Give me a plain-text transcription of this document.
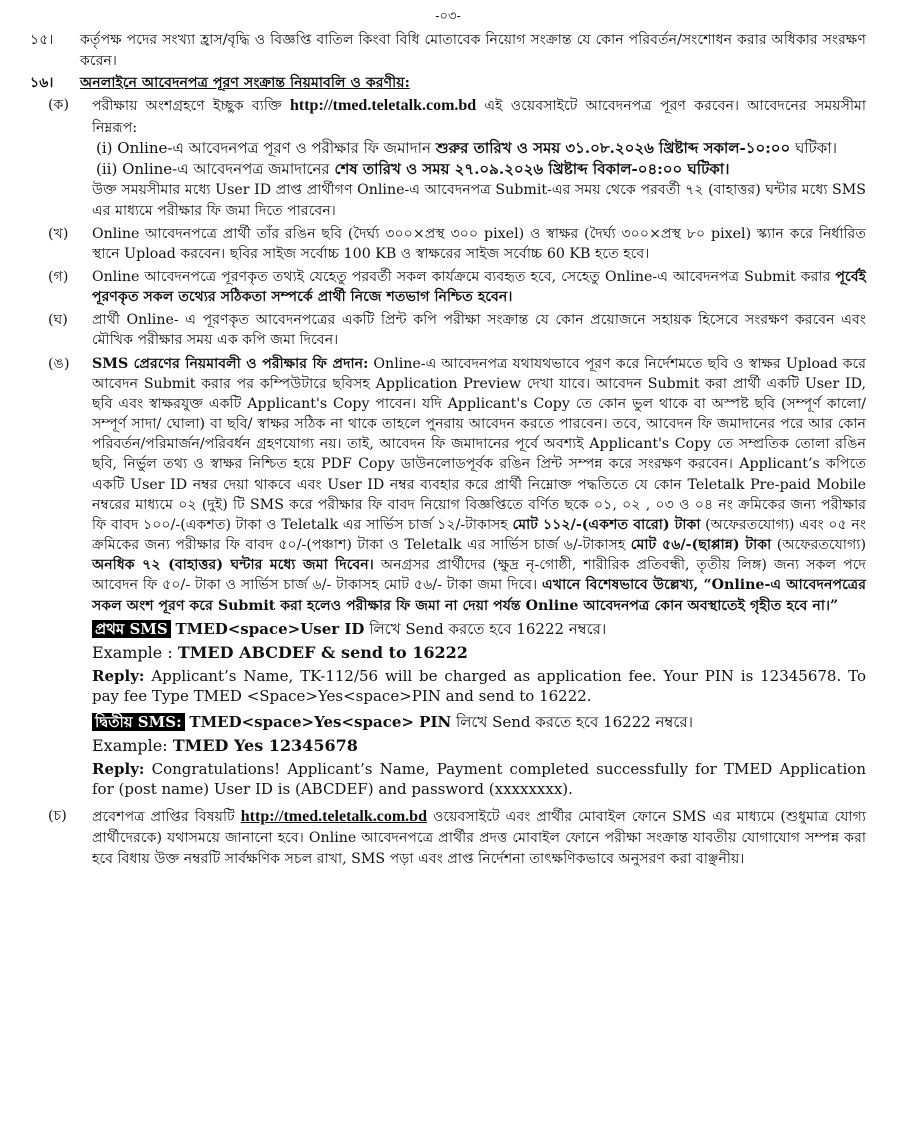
-০৩-
১৫।	কর্তৃপক্ষ পদের সংখ্যা হ্রাস/বৃদ্ধি ও বিজ্ঞপ্তি বাতিল কিংবা বিধি মোতাবেক নিয়োগ সংক্রান্ত যে কোন পরিবর্তন/সংশোধন করার অধিকার সংরক্ষণ করেন।
১৬।	অনলাইনে আবেদনপত্র পূরণ সংক্রান্ত নিয়মাবলি ও করণীয়:
(ক)	পরীক্ষায় অংশগ্রহণে ইচ্ছুক ব্যক্তি http://tmed.teletalk.com.bd এই ওয়েবসাইটে আবেদনপত্র পূরণ করবেন। আবেদনের সময়সীমা নিম্নরূপ:
(i) Online-এ আবেদনপত্র পূরণ ও পরীক্ষার ফি জমাদান শুরুর তারিখ ও সময় ৩১.০৮.২০২৬ খ্রিষ্টাব্দ সকাল-১০:০০ ঘটিকা।
(ii) Online-এ আবেদনপত্র জমাদানের শেষ তারিখ ও সময় ২৭.০৯.২০২৬ খ্রিষ্টাব্দ বিকাল-০৪:০০ ঘটিকা।
উক্ত সময়সীমার মধ্যে User ID প্রাপ্ত প্রার্থীগণ Online-এ আবেদনপত্র Submit-এর সময় থেকে পরবর্তী ৭২ (বাহাত্তর) ঘন্টার মধ্যে SMS এর মাধ্যমে পরীক্ষার ফি জমা দিতে পারবেন।
(খ)	Online আবেদনপত্রে প্রার্থী তাঁর রঙিন ছবি (দৈর্ঘ্য ৩০০×প্রস্থ ৩০০ pixel) ও স্বাক্ষর (দৈর্ঘ্য ৩০০×প্রস্থ ৮০ pixel) স্ক্যান করে নির্ধারিত স্থানে Upload করবেন। ছবির সাইজ সর্বোচ্চ 100 KB ও স্বাক্ষরের সাইজ সর্বোচ্চ 60 KB হতে হবে।
(গ)	Online আবেদনপত্রে পূরণকৃত তথ্যই যেহেতু পরবর্তী সকল কার্যক্রমে ব্যবহৃত হবে, সেহেতু Online-এ আবেদনপত্র Submit করার পূর্বেই পূরণকৃত সকল তথ্যের সঠিকতা সম্পর্কে প্রার্থী নিজে শতভাগ নিশ্চিত হবেন।
(ঘ)	প্রার্থী Online- এ পূরণকৃত আবেদনপত্রের একটি প্রিন্ট কপি পরীক্ষা সংক্রান্ত যে কোন প্রয়োজনে সহায়ক হিসেবে সংরক্ষণ করবেন এবং মৌখিক পরীক্ষার সময় এক কপি জমা দিবেন।
(ঙ)	SMS প্রেরণের নিয়মাবলী ও পরীক্ষার ফি প্রদান: Online-এ আবেদনপত্র যথাযথভাবে পূরণ করে নির্দেশমতে ছবি ও স্বাক্ষর Upload করে আবেদন Submit করার পর কম্পিউটারে ছবিসহ Application Preview দেখা যাবে। আবেদন Submit করা প্রার্থী একটি User ID, ছবি এবং স্বাক্ষরযুক্ত একটি Applicant's Copy পাবেন। যদি Applicant's Copy তে কোন ভুল থাকে বা অস্পষ্ট ছবি (সম্পূর্ণ কালো/ সম্পূর্ণ সাদা/ ঘোলা) বা ছবি/ স্বাক্ষর সঠিক না থাকে তাহলে পুনরায় আবেদন করতে পারবেন। তবে, আবেদন ফি জমাদানের পরে আর কোন পরিবর্তন/পরিমার্জন/পরিবর্ধন গ্রহণযোগ্য নয়। তাই, আবেদন ফি জমাদানের পূর্বে অবশ্যই Applicant's Copy তে সম্প্রতিক তোলা রঙিন ছবি, নির্ভুল তথ্য ও স্বাক্ষর নিশ্চিত হয়ে PDF Copy ডাউনলোডপূর্বক রঙিন প্রিন্ট সম্পন্ন করে সংরক্ষণ করবেন। Applicant’s কপিতে একটি User ID নম্বর দেয়া থাকবে এবং User ID নম্বর ব্যবহার করে প্রার্থী নিম্নোক্ত পদ্ধতিতে যে কোন Teletalk Pre-paid Mobile নম্বরের মাধ্যমে ০২ (দুই) টি SMS করে পরীক্ষার ফি বাবদ নিয়োগ বিজ্ঞপ্তিতে বর্ণিত ছকে ০১, ০২ , ০৩ ও ০৪ নং ক্রমিকের জন্য পরীক্ষার ফি বাবদ ১০০/-(একশত) টাকা ও Teletalk এর সার্ভিস চার্জ ১২/-টাকাসহ মোট ১১২/-(একশত বারো) টাকা (অফেরতযোগ্য) এবং ০৫ নং ক্রমিকের জন্য পরীক্ষার ফি বাবদ ৫০/-(পঞ্চাশ) টাকা ও Teletalk এর সার্ভিস চার্জ ৬/-টাকাসহ মোট ৫৬/-(ছাপ্পান্ন) টাকা (অফেরতযোগ্য) অনধিক ৭২ (বাহাত্তর) ঘন্টার মধ্যে জমা দিবেন। অনগ্রসর প্রার্থীদের (ক্ষুদ্র নৃ-গোষ্ঠী, শারীরিক প্রতিবন্ধী, তৃতীয় লিঙ্গ) জন্য সকল পদে আবেদন ফি ৫০/- টাকা ও সার্ভিস চার্জ ৬/- টাকাসহ মোট ৫৬/- টাকা জমা দিবে। এখানে বিশেষভাবে উল্লেখ্য, “Online-এ আবেদনপত্রের সকল অংশ পূরণ করে Submit করা হলেও পরীক্ষার ফি জমা না দেয়া পর্যন্ত Online আবেদনপত্র কোন অবস্থাতেই গৃহীত হবে না।”
প্রথম SMS TMED<space>User ID লিখে Send করতে হবে 16222 নম্বরে।
Example : TMED ABCDEF & send to 16222
Reply: Applicant’s Name, TK-112/56 will be charged as application fee. Your PIN is 12345678. To pay fee Type TMED <Space>Yes<space>PIN and send to 16222.
দ্বিতীয় SMS: TMED<space>Yes<space> PIN লিখে Send করতে হবে 16222 নম্বরে।
Example: TMED Yes 12345678
Reply: Congratulations! Applicant’s Name, Payment completed successfully for TMED Application for (post name) User ID is (ABCDEF) and password (xxxxxxxx).
(চ)	প্রবেশপত্র প্রাপ্তির বিষয়টি http://tmed.teletalk.com.bd ওয়েবসাইটে এবং প্রার্থীর মোবাইল ফোনে SMS এর মাধ্যমে (শুধুমাত্র যোগ্য প্রার্থীদেরকে) যথাসময়ে জানানো হবে। Online আবেদনপত্রে প্রার্থীর প্রদত্ত মোবাইল ফোনে পরীক্ষা সংক্রান্ত যাবতীয় যোগাযোগ সম্পন্ন করা হবে বিধায় উক্ত নম্বরটি সার্বক্ষণিক সচল রাখা, SMS পড়া এবং প্রাপ্ত নির্দেশনা তাৎক্ষণিকভাবে অনুসরণ করা বাঞ্ছনীয়।
